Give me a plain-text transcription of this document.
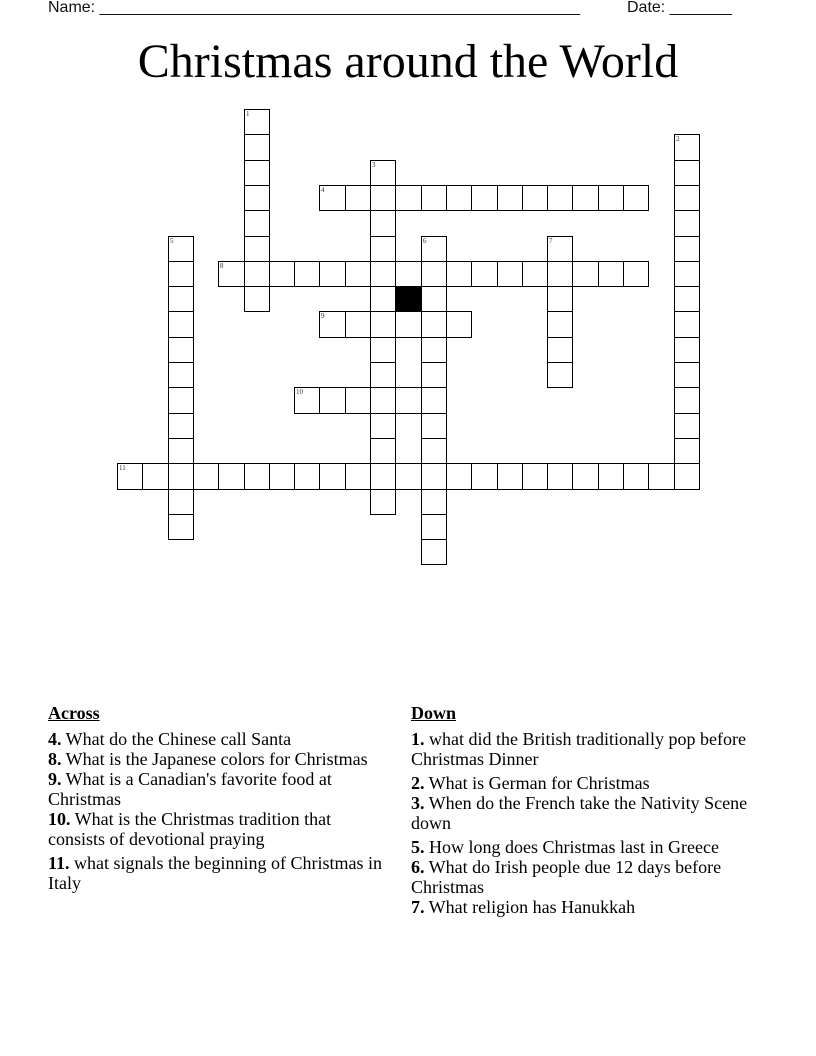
Name: ______________________________________________________	Date: _______
Christmas around the World
4
8
9
10
11
1
2
3
5	6	7
Across
4. What do the Chinese call Santa
8. What is the Japanese colors for Christmas
9. What is a Canadian's favorite food at Christmas
10. What is the Christmas tradition that consists of devotional praying
11. what signals the beginning of Christmas in Italy
Down
1. what did the British traditionally pop before Christmas Dinner
2. What is German for Christmas
3. When do the French take the Nativity Scene down
5. How long does Christmas last in Greece
6. What do Irish people due 12 days before Christmas
7. What religion has Hanukkah
